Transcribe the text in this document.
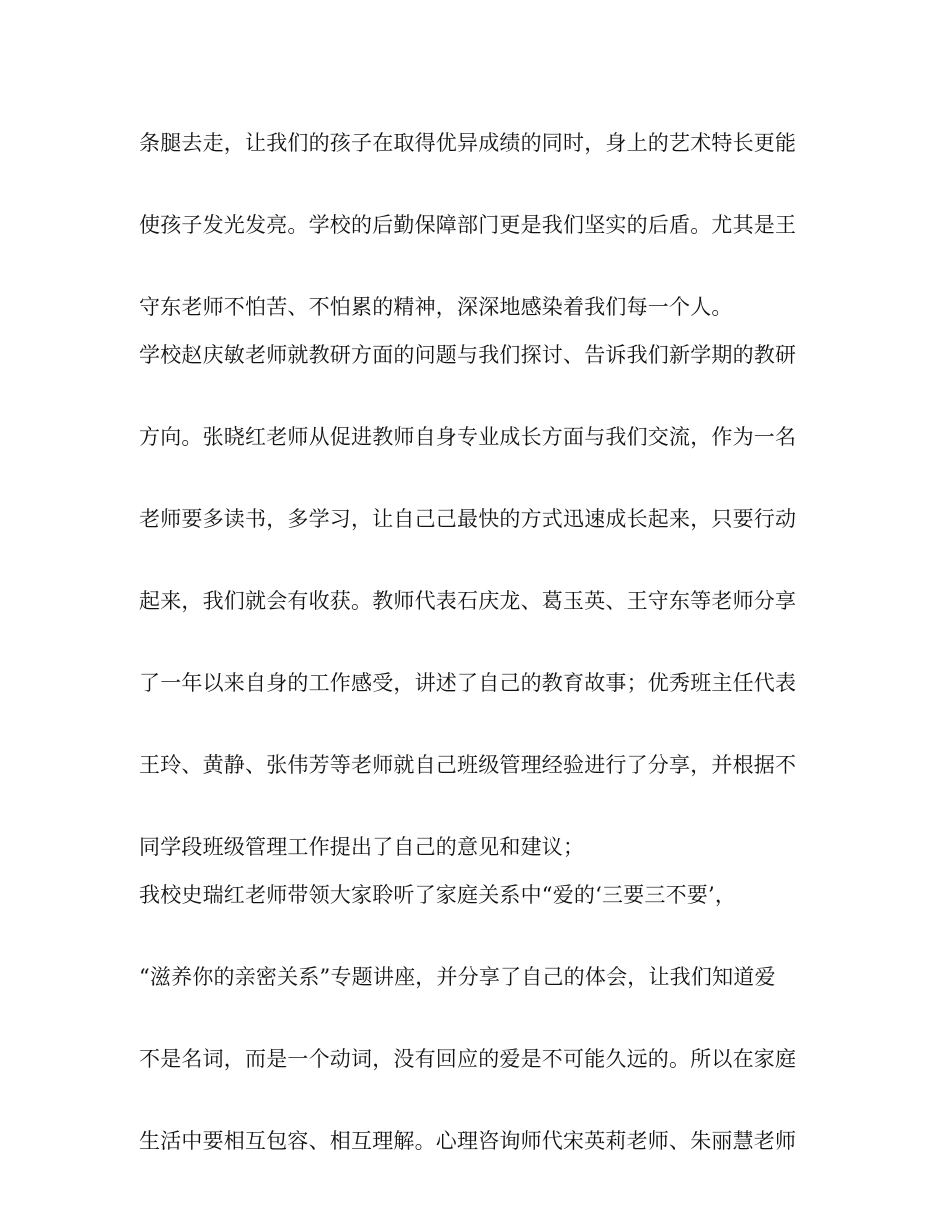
条腿去走，让我们的孩子在取得优异成绩的同时，身上的艺术特长更能
使孩子发光发亮。学校的后勤保障部门更是我们坚实的后盾。尤其是王
守东老师不怕苦、不怕累的精神，深深地感染着我们每一个人。
学校赵庆敏老师就教研方面的问题与我们探讨、告诉我们新学期的教研
方向。张晓红老师从促进教师自身专业成长方面与我们交流，作为一名
老师要多读书，多学习，让自己己最快的方式迅速成长起来，只要行动
起来，我们就会有收获。教师代表石庆龙、葛玉英、王守东等老师分享
了一年以来自身的工作感受，讲述了自己的教育故事；优秀班主任代表
王玲、黄静、张伟芳等老师就自己班级管理经验进行了分享，并根据不
同学段班级管理工作提出了自己的意见和建议；
我校史瑞红老师带领大家聆听了家庭关系中“爱的‘三要三不要’，
“滋养你的亲密关系”专题讲座，并分享了自己的体会，让我们知道爱
不是名词，而是一个动词，没有回应的爱是不可能久远的。所以在家庭
生活中要相互包容、相互理解。心理咨询师代宋英莉老师、朱丽慧老师
